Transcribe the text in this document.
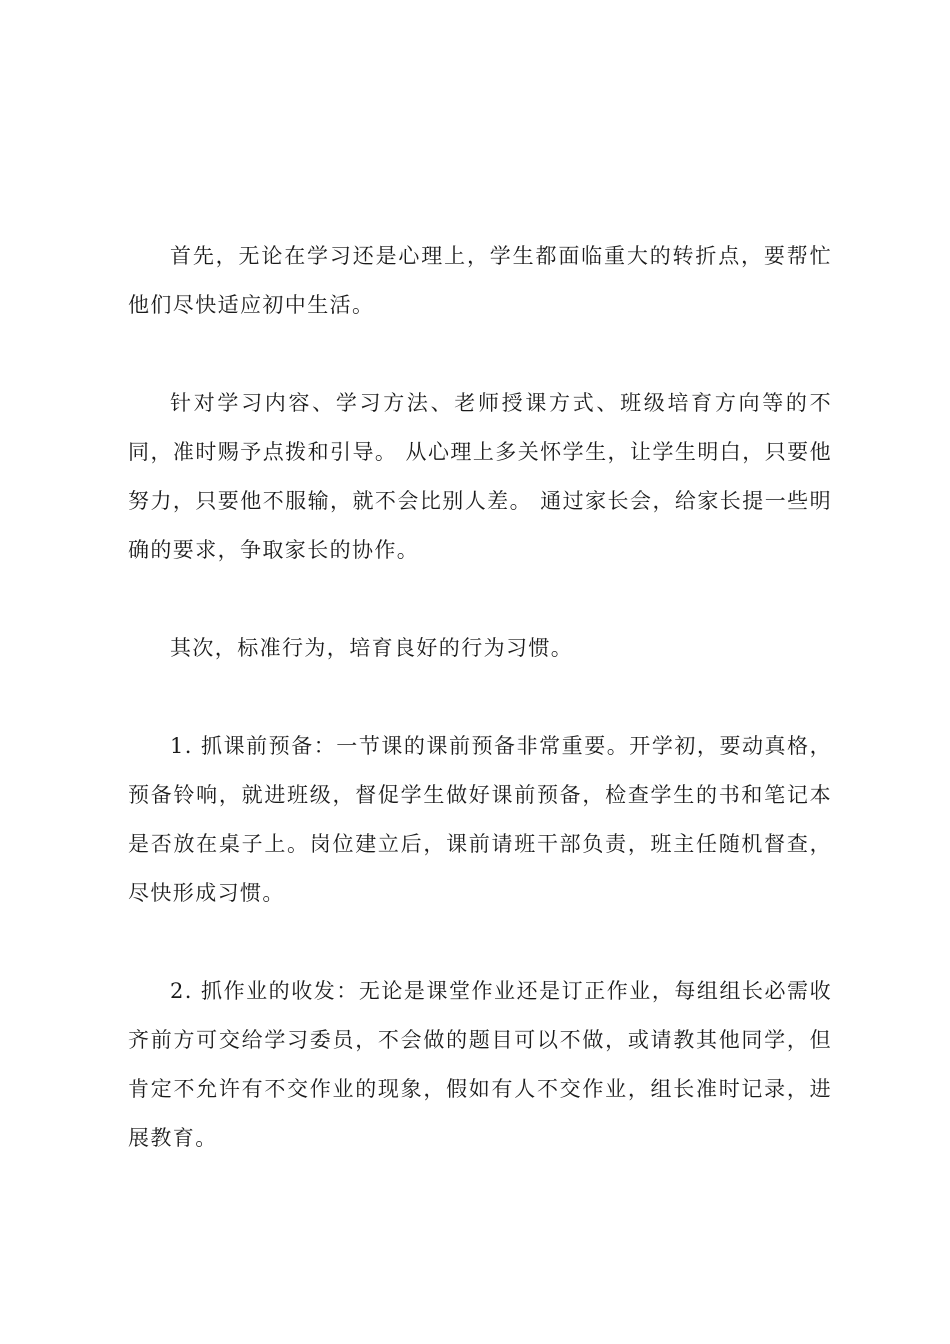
首先，无论在学习还是心理上，学生都面临重大的转折点，要帮忙他们尽快适应初中生活。

针对学习内容、学习方法、老师授课方式、班级培育方向等的不同，准时赐予点拨和引导。 从心理上多关怀学生，让学生明白，只要他努力，只要他不服输，就不会比别人差。 通过家长会，给家长提一些明确的要求，争取家长的协作。

其次，标准行为，培育良好的行为习惯。

1. 抓课前预备：一节课的课前预备非常重要。开学初，要动真格，预备铃响，就进班级，督促学生做好课前预备，检查学生的书和笔记本是否放在桌子上。岗位建立后，课前请班干部负责，班主任随机督查，尽快形成习惯。

2. 抓作业的收发：无论是课堂作业还是订正作业，每组组长必需收齐前方可交给学习委员，不会做的题目可以不做，或请教其他同学，但肯定不允许有不交作业的现象，假如有人不交作业，组长准时记录，进展教育。
